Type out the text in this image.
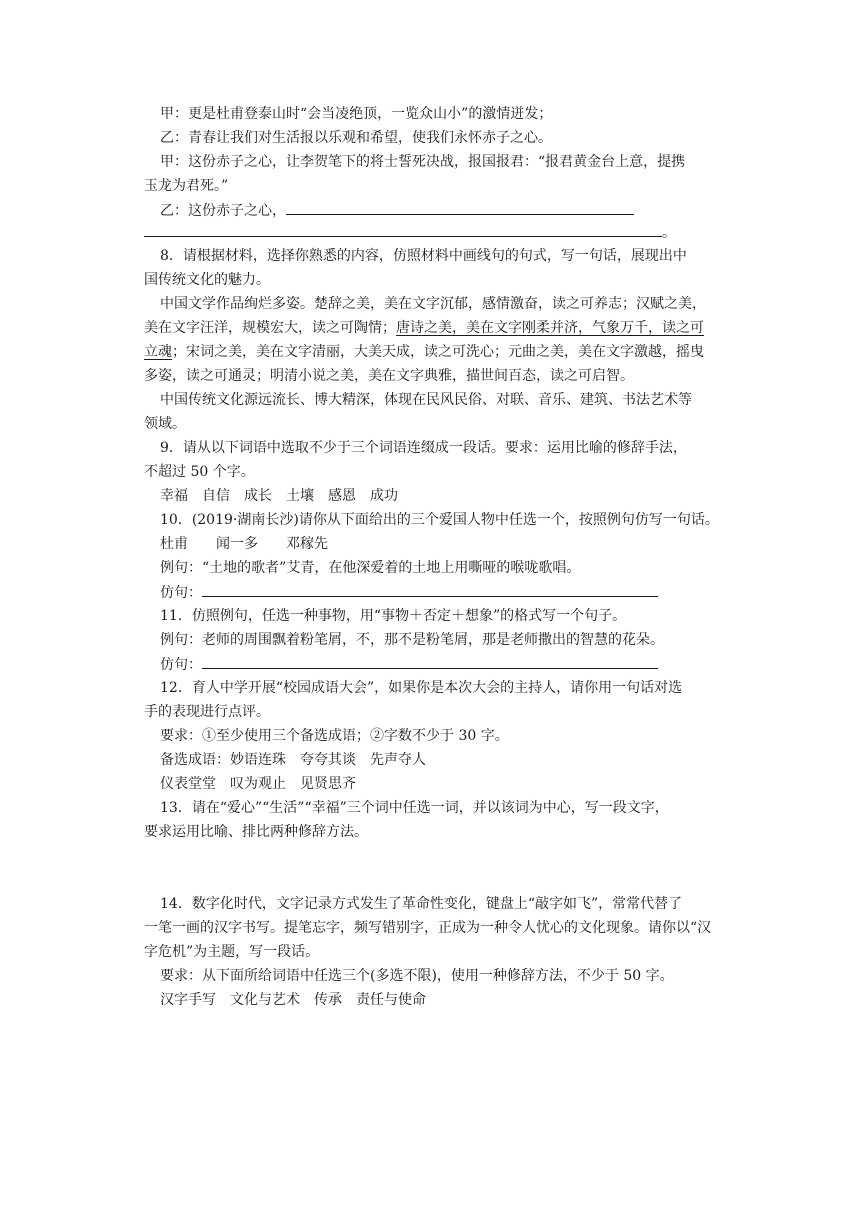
甲：更是杜甫登泰山时“会当凌绝顶，一览众山小”的激情迸发；
乙：青春让我们对生活报以乐观和希望，使我们永怀赤子之心。
甲：这份赤子之心，让李贺笔下的将士誓死决战，报国报君：“报君黄金台上意，提携
玉龙为君死。”
乙：这份赤子之心，
。
8．请根据材料，选择你熟悉的内容，仿照材料中画线句的句式，写一句话，展现出中
国传统文化的魅力。
中国文学作品绚烂多姿。楚辞之美，美在文字沉郁，感情激奋，读之可养志；汉赋之美，
美在文字汪洋，规模宏大，读之可陶情；唐诗之美，美在文字刚柔并济，气象万千，读之可
立魂；宋词之美，美在文字清丽，大美天成，读之可洗心；元曲之美，美在文字激越，摇曳
多姿，读之可通灵；明清小说之美，美在文字典雅，描世间百态，读之可启智。
中国传统文化源远流长、博大精深，体现在民风民俗、对联、音乐、建筑、书法艺术等
领域。
9．请从以下词语中选取不少于三个词语连缀成一段话。要求：运用比喻的修辞手法，
不超过 50 个字。
幸福　自信　成长　土壤　感恩　成功
10．(2019·湖南长沙)请你从下面给出的三个爱国人物中任选一个，按照例句仿写一句话。
杜甫　　闻一多　　邓稼先
例句：“土地的歌者”艾青，在他深爱着的土地上用嘶哑的喉咙歌唱。
仿句：
11．仿照例句，任选一种事物，用“事物＋否定＋想象”的格式写一个句子。
例句：老师的周围飘着粉笔屑，不，那不是粉笔屑，那是老师撒出的智慧的花朵。
仿句：
12．育人中学开展“校园成语大会”，如果你是本次大会的主持人，请你用一句话对选
手的表现进行点评。
要求：①至少使用三个备选成语；②字数不少于 30 字。
备选成语：妙语连珠　夸夸其谈　先声夺人
仪表堂堂　叹为观止　见贤思齐
13．请在“爱心”“生活”“幸福”三个词中任选一词，并以该词为中心，写一段文字，
要求运用比喻、排比两种修辞方法。
14．数字化时代，文字记录方式发生了革命性变化，键盘上“敲字如飞”，常常代替了
一笔一画的汉字书写。提笔忘字，频写错别字，正成为一种令人忧心的文化现象。请你以“汉
字危机”为主题，写一段话。
要求：从下面所给词语中任选三个(多选不限)，使用一种修辞方法，不少于 50 字。
汉字手写　文化与艺术　传承　责任与使命
